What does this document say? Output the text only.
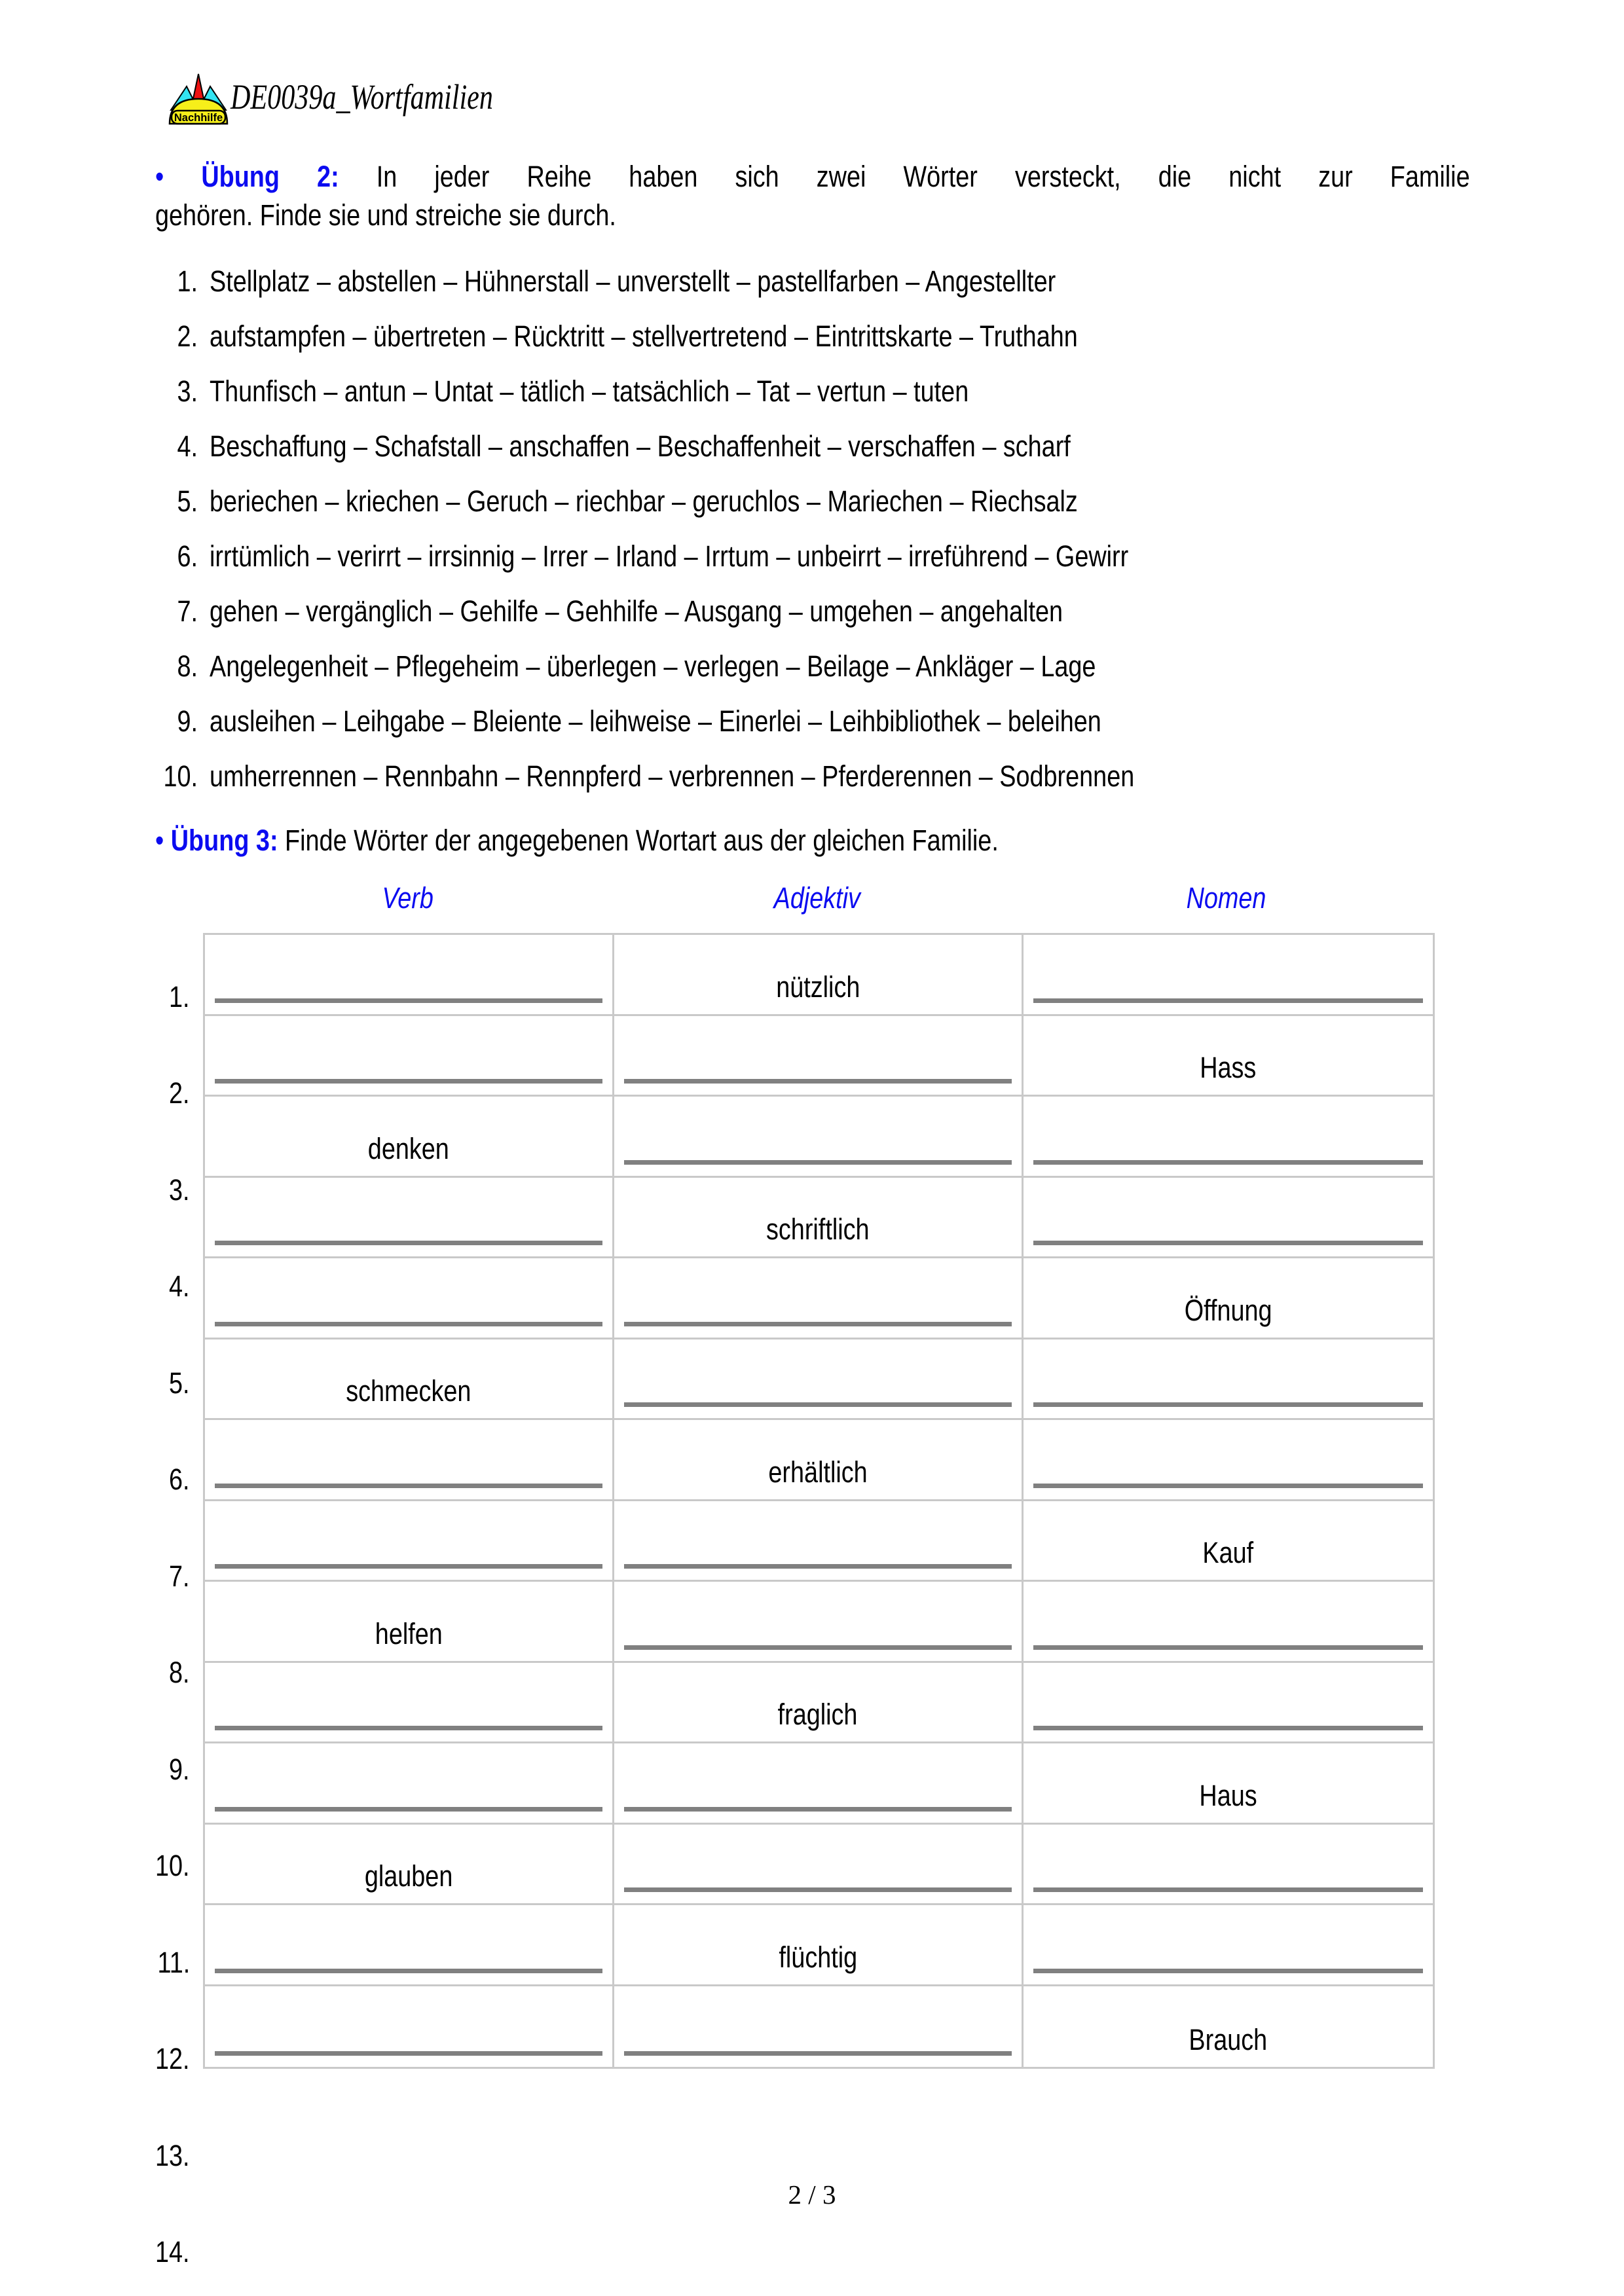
Nachhilfe
DE0039a_Wortfamilien
• Übung 2: In jeder Reihe haben sich zwei Wörter versteckt, die nicht zur Familie
gehören. Finde sie und streiche sie durch.
1. Stellplatz – abstellen – Hühnerstall – unverstellt – pastellfarben – Angestellter
2. aufstampfen – übertreten – Rücktritt – stellvertretend – Eintrittskarte – Truthahn
3. Thunfisch – antun – Untat – tätlich – tatsächlich – Tat – vertun – tuten
4. Beschaffung – Schafstall – anschaffen – Beschaffenheit – verschaffen – scharf
5. beriechen – kriechen – Geruch – riechbar – geruchlos – Mariechen – Riechsalz
6. irrtümlich – verirrt – irrsinnig – Irrer – Irland – Irrtum – unbeirrt – irreführend – Gewirr
7. gehen – vergänglich – Gehilfe – Gehhilfe – Ausgang – umgehen – angehalten
8. Angelegenheit – Pflegeheim – überlegen – verlegen – Beilage – Ankläger – Lage
9. ausleihen – Leihgabe – Bleiente – leihweise – Einerlei – Leihbibliothek – beleihen
10. umherrennen – Rennbahn – Rennpferd – verbrennen – Pferderennen – Sodbrennen
• Übung 3: Finde Wörter der angegebenen Wortart aus der gleichen Familie.
Verb	Adjektiv	Nomen
1.
2.
3.
4.
5.
6.
7.
8.
9.
10.
11.
12.
13.
14.
nützlich
Hass
denken
schriftlich
Öffnung
schmecken
erhältlich
Kauf
helfen
fraglich
Haus
glauben
flüchtig
Brauch
2 / 3
